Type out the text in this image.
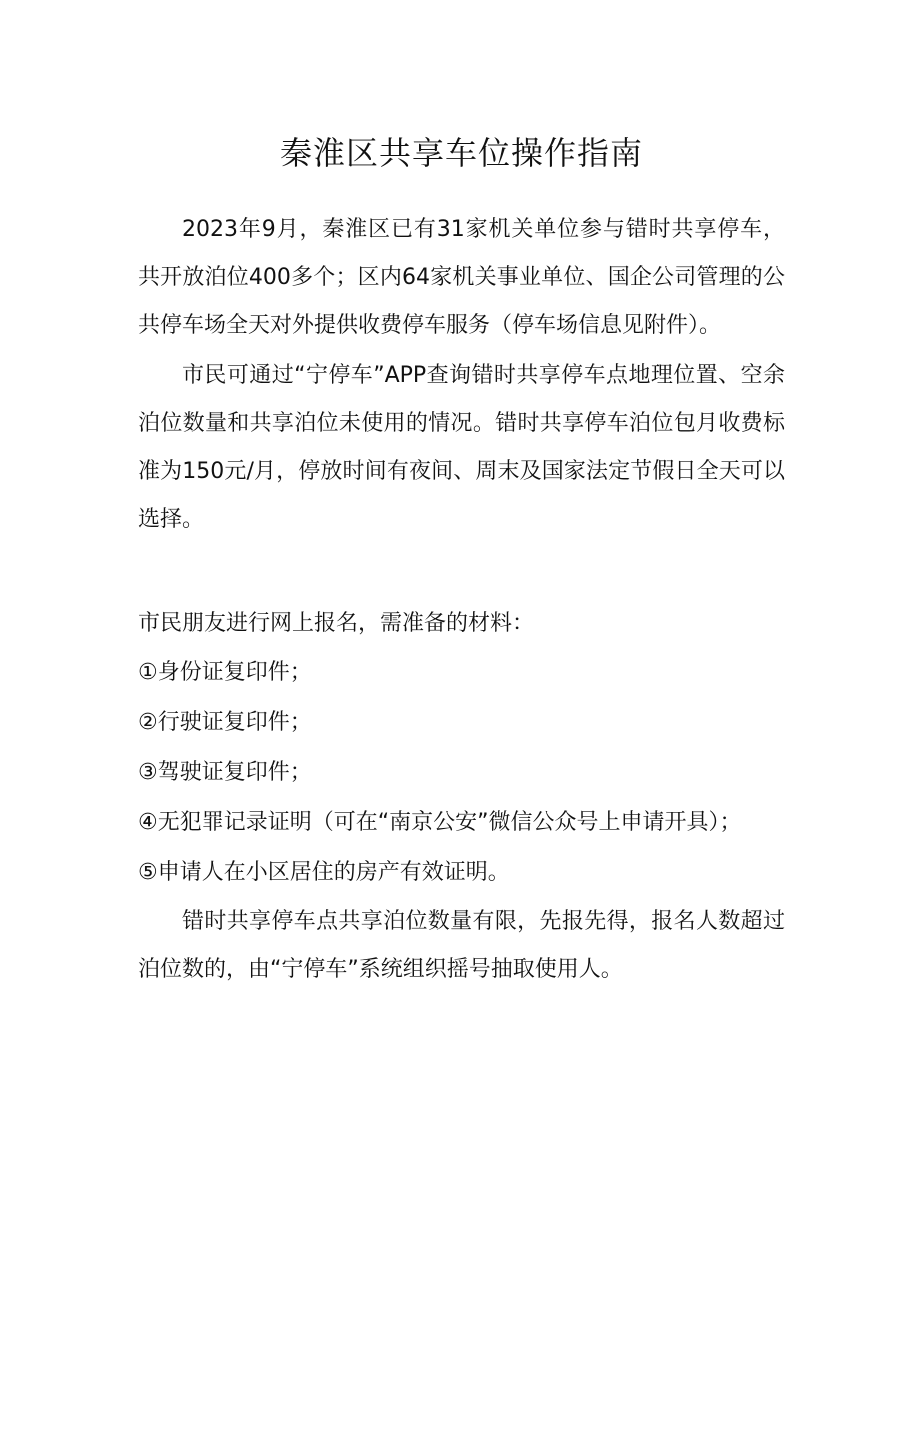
秦淮区共享车位操作指南

2023年9月，秦淮区已有31家机关单位参与错时共享停车，共开放泊位400多个；区内64家机关事业单位、国企公司管理的公共停车场全天对外提供收费停车服务（停车场信息见附件）。

市民可通过“宁停车”APP查询错时共享停车点地理位置、空余泊位数量和共享泊位未使用的情况。错时共享停车泊位包月收费标准为150元/月，停放时间有夜间、周末及国家法定节假日全天可以选择。

市民朋友进行网上报名，需准备的材料：

①身份证复印件；

②行驶证复印件；

③驾驶证复印件；

④无犯罪记录证明（可在“南京公安”微信公众号上申请开具）；

⑤申请人在小区居住的房产有效证明。

错时共享停车点共享泊位数量有限，先报先得，报名人数超过泊位数的，由“宁停车”系统组织摇号抽取使用人。
